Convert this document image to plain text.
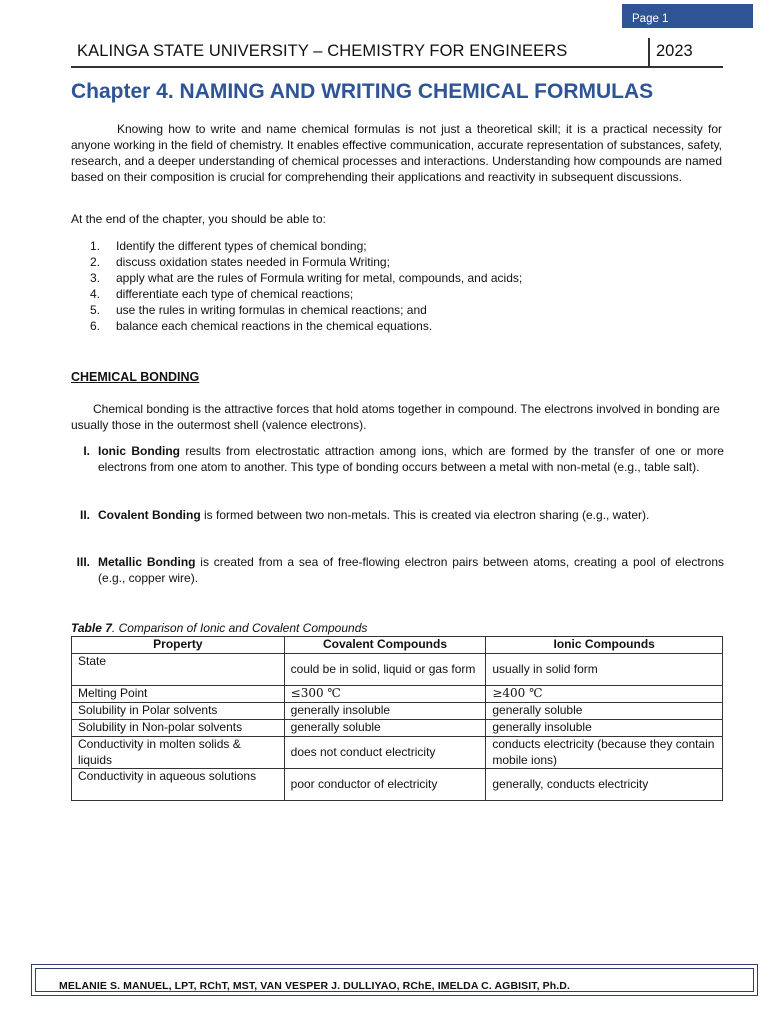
KALINGA STATE UNIVERSITY – CHEMISTRY FOR ENGINEERS	2023
Chapter 4. NAMING AND WRITING CHEMICAL FORMULAS

Knowing how to write and name chemical formulas is not just a theoretical skill; it is a practical necessity for anyone working in the field of chemistry. It enables effective communication, accurate representation of substances, safety, research, and a deeper understanding of chemical processes and interactions. Understanding how compounds are named based on their composition is crucial for comprehending their applications and reactivity in subsequent discussions.

At the end of the chapter, you should be able to:

1.	Identify the different types of chemical bonding;
2.	discuss oxidation states needed in Formula Writing;
3.	apply what are the rules of Formula writing for metal, compounds, and acids;
4.	differentiate each type of chemical reactions;
5.	use the rules in writing formulas in chemical reactions; and
6.	balance each chemical reactions in the chemical equations.
CHEMICAL BONDING

Chemical bonding is the attractive forces that hold atoms together in compound. The electrons involved in bonding are usually those in the outermost shell (valence electrons).

I. Ionic Bonding results from electrostatic attraction among ions, which are formed by the transfer of one or more electrons from one atom to another. This type of bonding occurs between a metal with non-metal (e.g., table salt).
II. Covalent Bonding is formed between two non-metals. This is created via electron sharing (e.g., water).
III. Metallic Bonding is created from a sea of free-flowing electron pairs between atoms, creating a pool of electrons (e.g., copper wire).
Table 7. Comparison of Ionic and Covalent Compounds
Property	Covalent Compounds	Ionic Compounds
State	could be in solid, liquid or gas form	usually in solid form
Melting Point	≤300 ℃	≥400 ℃
Solubility in Polar solvents	generally insoluble	generally soluble
Solubility in Non-polar solvents	generally soluble	generally insoluble
Conductivity in molten solids & liquids	does not conduct electricity	conducts electricity (because they contain mobile ions)
Conductivity in aqueous solutions	poor conductor of electricity	generally, conducts electricity
MELANIE S. MANUEL, LPT, RChT, MST, VAN VESPER J. DULLIYAO, RChE, IMELDA C. AGBISIT, Ph.D.
Page 1
